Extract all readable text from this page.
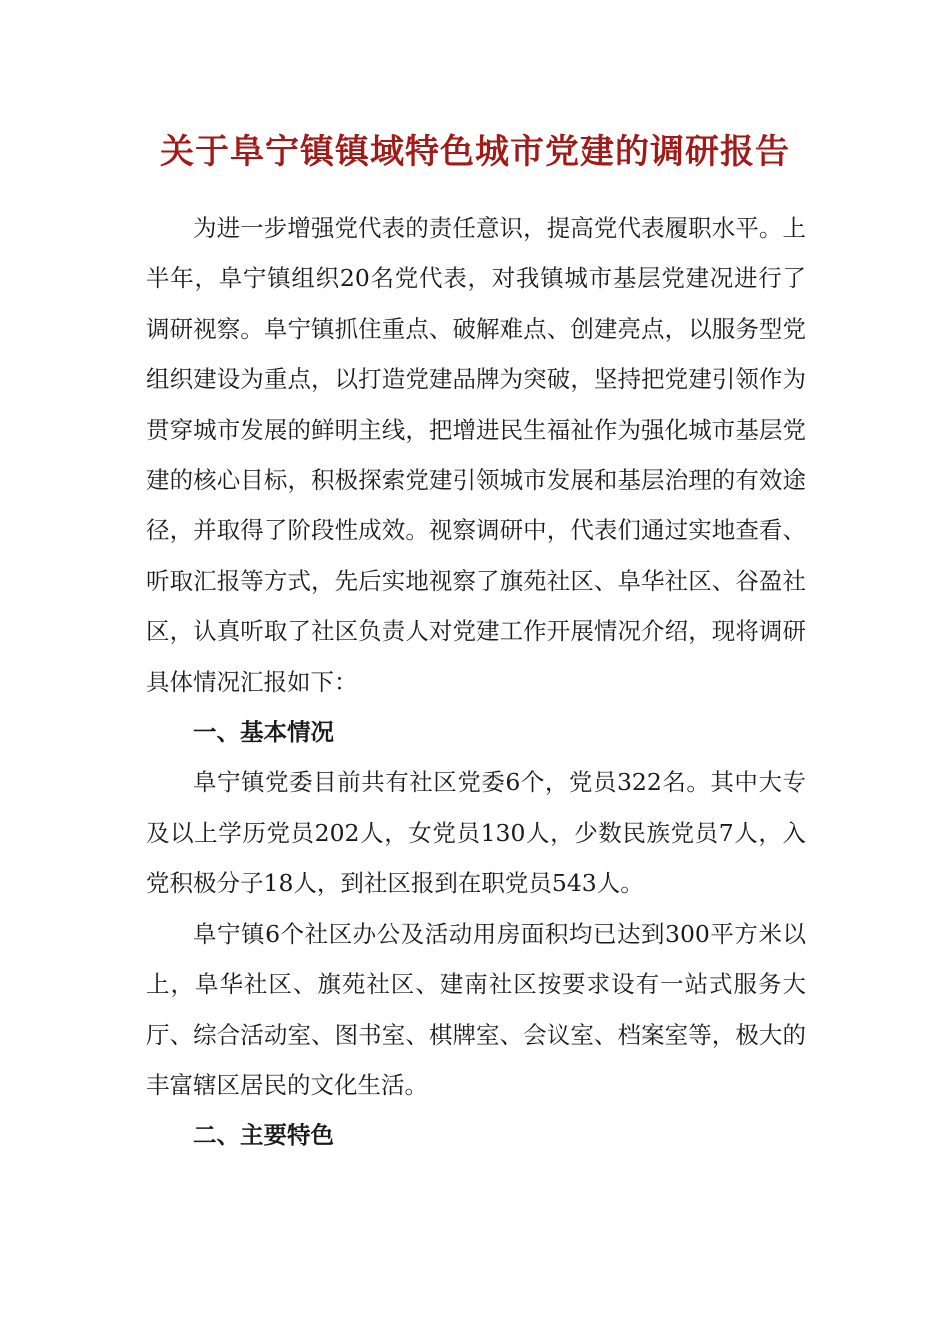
关于阜宁镇镇域特色城市党建的调研报告

为进一步增强党代表的责任意识，提高党代表履职水平。上半年，阜宁镇组织20名党代表，对我镇城市基层党建况进行了调研视察。阜宁镇抓住重点、破解难点、创建亮点，以服务型党组织建设为重点，以打造党建品牌为突破，坚持把党建引领作为贯穿城市发展的鲜明主线，把增进民生福祉作为强化城市基层党建的核心目标，积极探索党建引领城市发展和基层治理的有效途径，并取得了阶段性成效。视察调研中，代表们通过实地查看、听取汇报等方式，先后实地视察了旗苑社区、阜华社区、谷盈社区，认真听取了社区负责人对党建工作开展情况介绍，现将调研具体情况汇报如下：

一、基本情况

阜宁镇党委目前共有社区党委6个，党员322名。其中大专及以上学历党员202人，女党员130人，少数民族党员7人，入党积极分子18人，到社区报到在职党员543人。

阜宁镇6个社区办公及活动用房面积均已达到300平方米以上，阜华社区、旗苑社区、建南社区按要求设有一站式服务大厅、综合活动室、图书室、棋牌室、会议室、档案室等，极大的丰富辖区居民的文化生活。

二、主要特色
